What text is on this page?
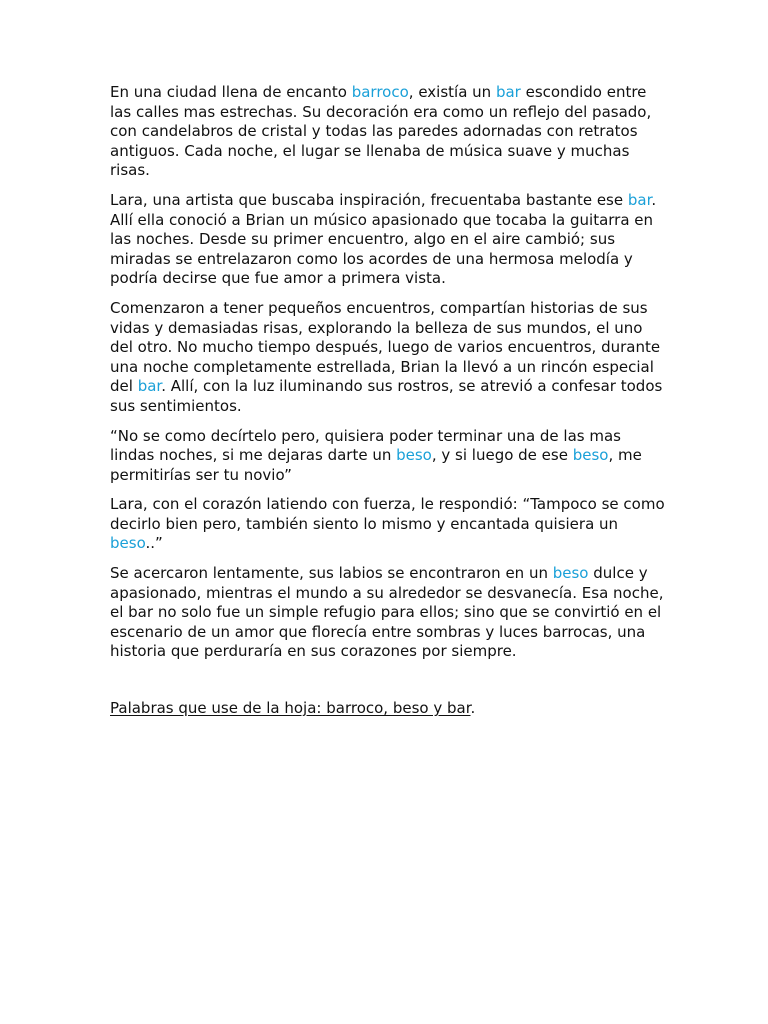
En una ciudad llena de encanto barroco, existía un bar escondido entre las calles mas estrechas. Su decoración era como un reflejo del pasado, con candelabros de cristal y todas las paredes adornadas con retratos antiguos. Cada noche, el lugar se llenaba de música suave y muchas risas.

Lara, una artista que buscaba inspiración, frecuentaba bastante ese bar. Allí ella conoció a Brian un músico apasionado que tocaba la guitarra en las noches. Desde su primer encuentro, algo en el aire cambió; sus miradas se entrelazaron como los acordes de una hermosa melodía y podría decirse que fue amor a primera vista.

Comenzaron a tener pequeños encuentros, compartían historias de sus vidas y demasiadas risas, explorando la belleza de sus mundos, el uno del otro. No mucho tiempo después, luego de varios encuentros, durante una noche completamente estrellada, Brian la llevó a un rincón especial del bar. Allí, con la luz iluminando sus rostros, se atrevió a confesar todos sus sentimientos.

“No se como decírtelo pero, quisiera poder terminar una de las mas lindas noches, si me dejaras darte un beso, y si luego de ese beso, me permitirías ser tu novio”

Lara, con el corazón latiendo con fuerza, le respondió: “Tampoco se como decirlo bien pero, también siento lo mismo y encantada quisiera un beso..”

Se acercaron lentamente, sus labios se encontraron en un beso dulce y apasionado, mientras el mundo a su alrededor se desvanecía. Esa noche, el bar no solo fue un simple refugio para ellos; sino que se convirtió en el escenario de un amor que florecía entre sombras y luces barrocas, una historia que perduraría en sus corazones por siempre.

Palabras que use de la hoja: barroco, beso y bar.
